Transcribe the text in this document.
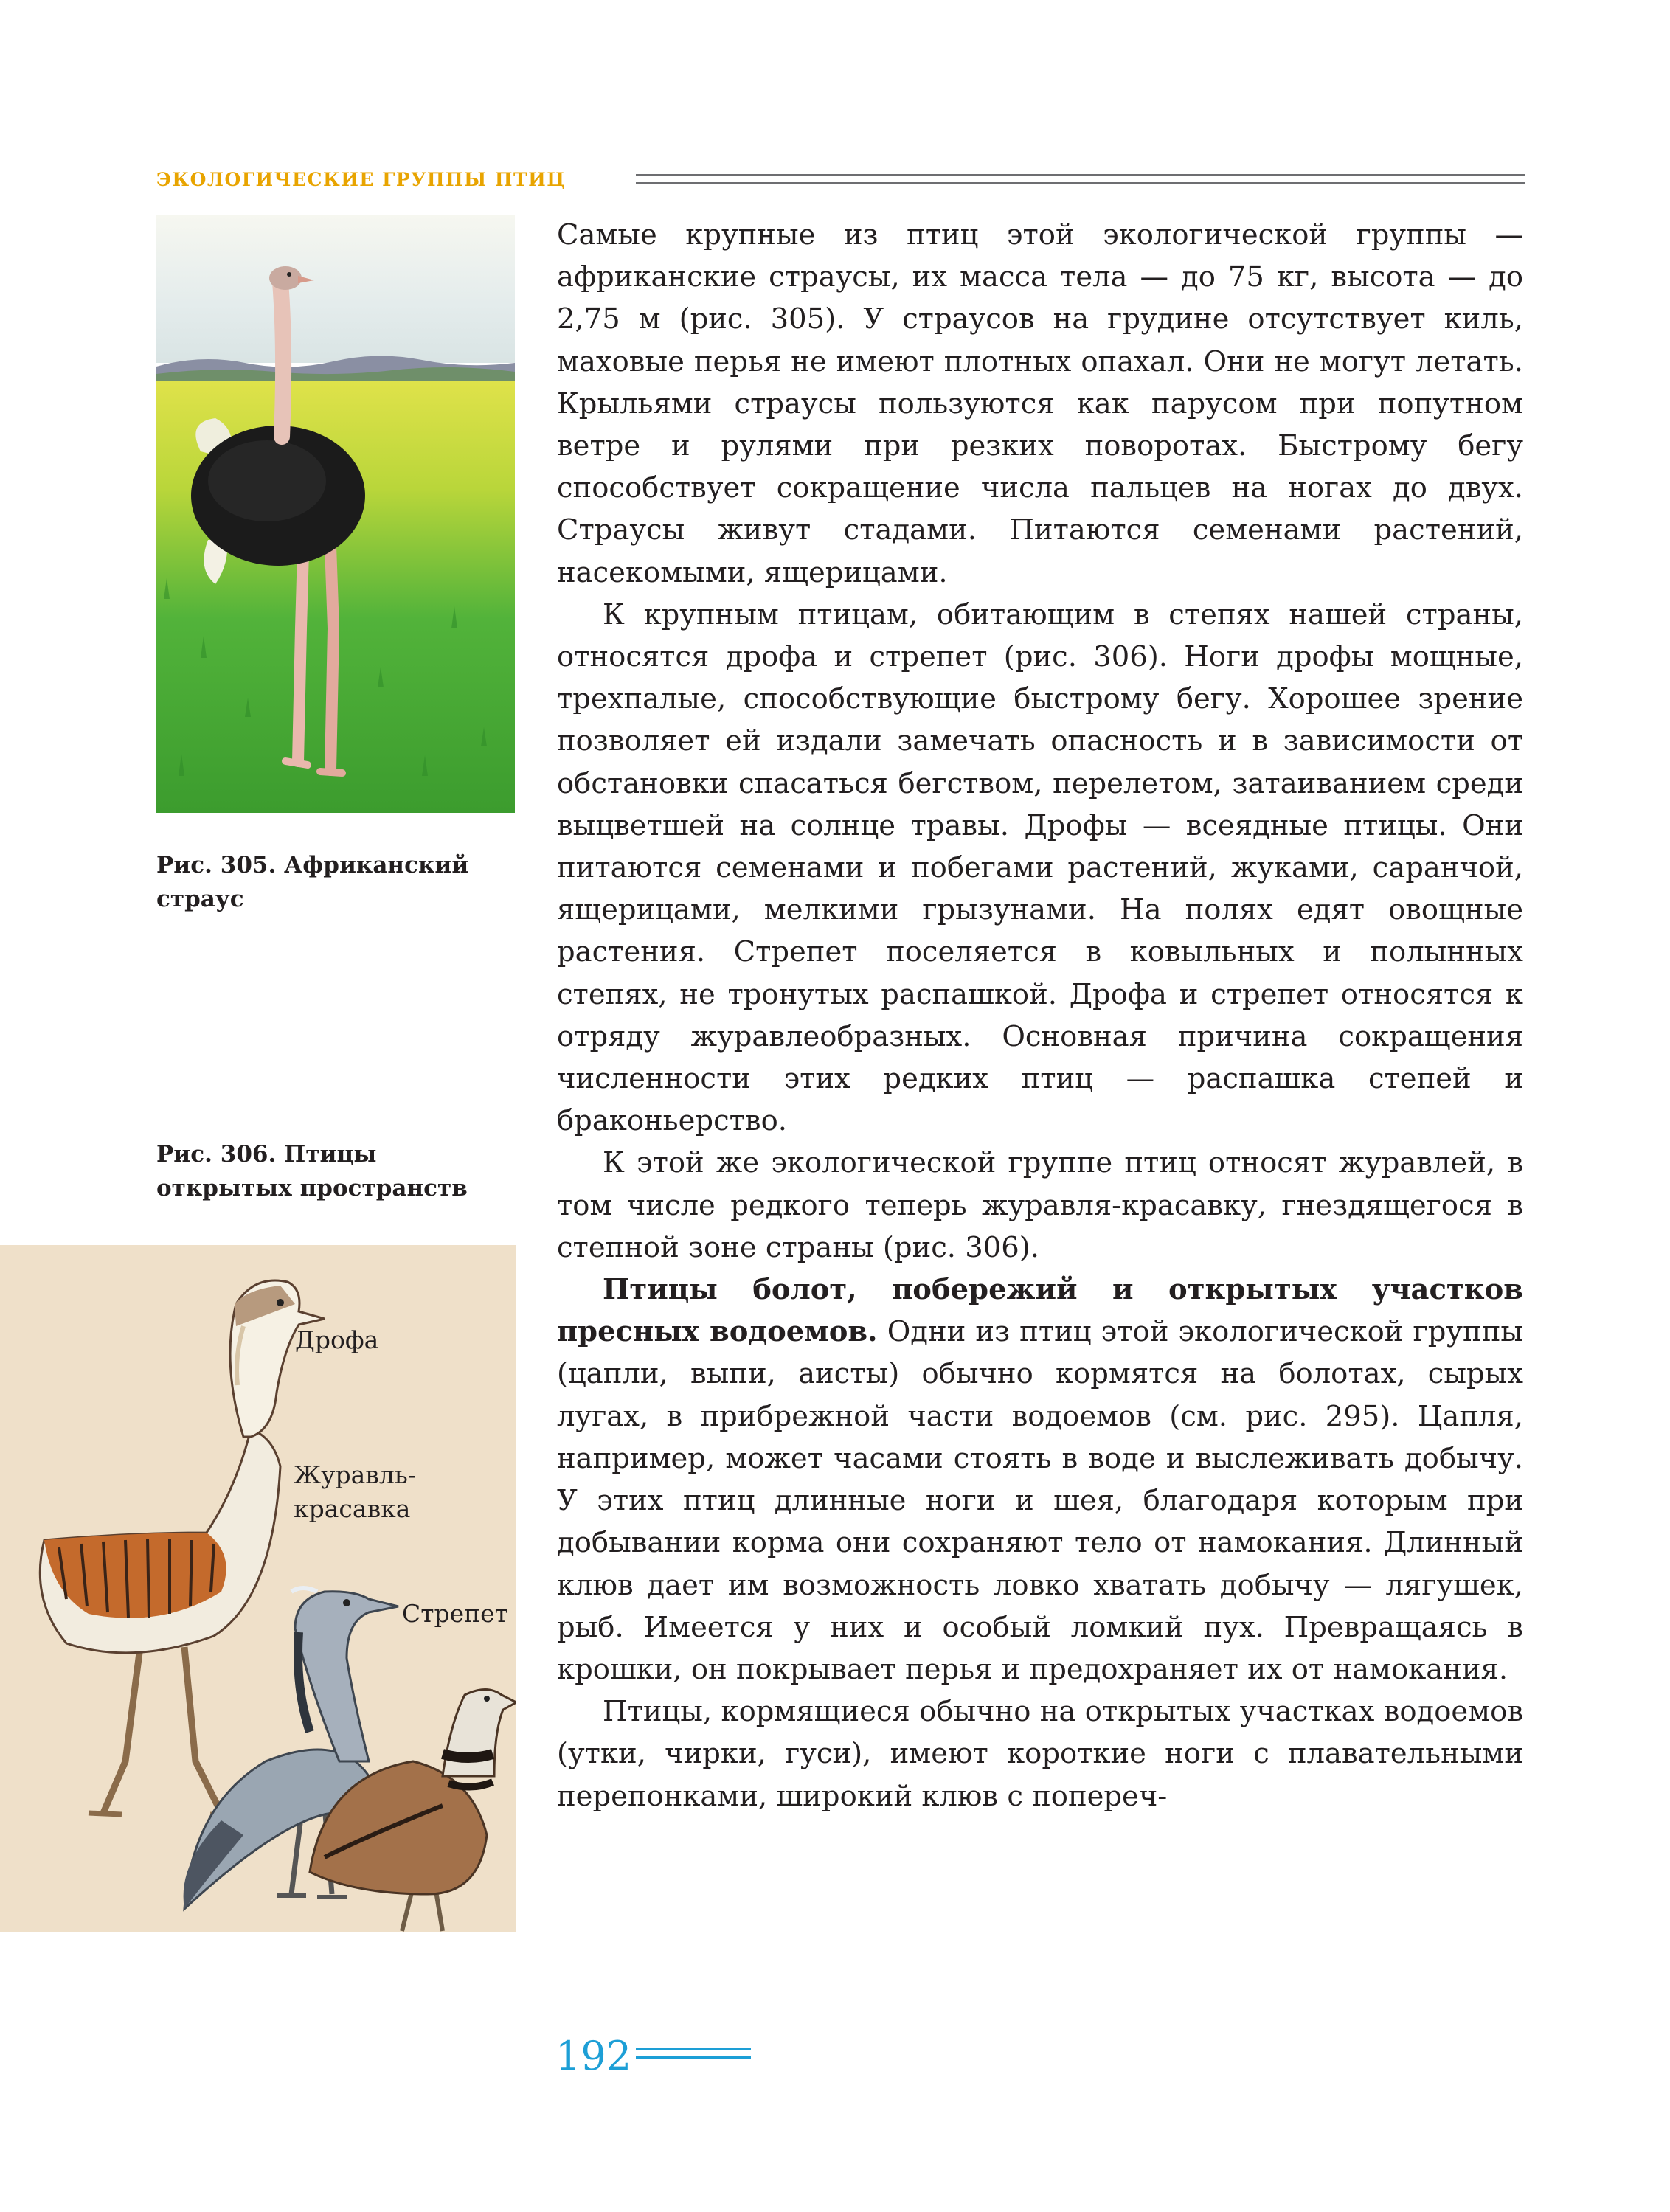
ЭКОЛОГИЧЕСКИЕ ГРУППЫ ПТИЦ
Рис. 305. Африканский страус
Рис. 306. Птицы открытых пространств
Дрофа
Журавль-
красавка
Стрепет

Самые крупные из птиц этой экологической группы — африканские страусы, их масса тела — до 75 кг, высота — до 2,75 м (рис. 305). У страусов на грудине отсутствует киль, маховые перья не имеют плотных опахал. Они не могут летать. Крыльями страусы пользуются как парусом при попутном ветре и рулями при резких поворотах. Быстрому бегу способствует сокращение числа пальцев на ногах до двух. Страусы живут стадами. Питаются семенами растений, насекомыми, ящерицами.

К крупным птицам, обитающим в степях нашей страны, относятся дрофа и стрепет (рис. 306). Ноги дрофы мощные, трехпалые, способствующие быстрому бегу. Хорошее зрение позволяет ей издали замечать опасность и в зависимости от обстановки спасаться бегством, перелетом, затаиванием среди выцветшей на солнце травы. Дрофы — всеядные птицы. Они питаются семенами и побегами растений, жуками, саранчой, ящерицами, мелкими грызунами. На полях едят овощные растения. Стрепет поселяется в ковыльных и полынных степях, не тронутых распашкой. Дрофа и стрепет относятся к отряду журавлеобразных. Основная причина сокращения численности этих редких птиц — распашка степей и браконьерство.

К этой же экологической группе птиц относят журавлей, в том числе редкого теперь журавля-красавку, гнездящегося в степной зоне страны (рис. 306).

Птицы болот, побережий и открытых участков пресных водоемов. Одни из птиц этой экологической группы (цапли, выпи, аисты) обычно кормятся на болотах, сырых лугах, в прибрежной части водоемов (см. рис. 295). Цапля, например, может часами стоять в воде и выслеживать добычу. У этих птиц длинные ноги и шея, благодаря которым при добывании корма они сохраняют тело от намокания. Длинный клюв дает им возможность ловко хватать добычу — лягушек, рыб. Имеется у них и особый ломкий пух. Превращаясь в крошки, он покрывает перья и предохраняет их от намокания.

Птицы, кормящиеся обычно на открытых участках водоемов (утки, чирки, гуси), имеют короткие ноги с плавательными перепонками, широкий клюв с попереч-

192
